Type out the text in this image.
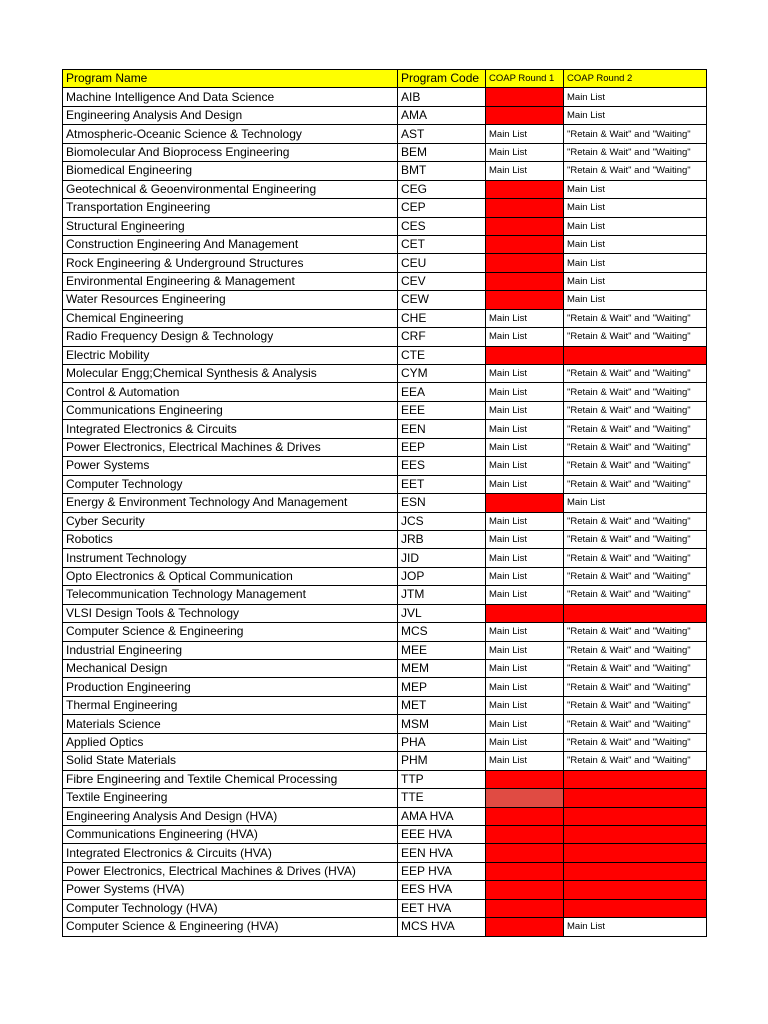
Program Name	Program Code	COAP Round 1	COAP Round 2
Machine Intelligence And Data Science	AIB		Main List
Engineering Analysis And Design	AMA		Main List
Atmospheric-Oceanic Science & Technology	AST	Main List	"Retain & Wait" and "Waiting"
Biomolecular And Bioprocess Engineering	BEM	Main List	"Retain & Wait" and "Waiting"
Biomedical Engineering	BMT	Main List	"Retain & Wait" and "Waiting"
Geotechnical & Geoenvironmental Engineering	CEG		Main List
Transportation Engineering	CEP		Main List
Structural Engineering	CES		Main List
Construction Engineering And Management	CET		Main List
Rock Engineering & Underground Structures	CEU		Main List
Environmental Engineering & Management	CEV		Main List
Water Resources Engineering	CEW		Main List
Chemical Engineering	CHE	Main List	"Retain & Wait" and "Waiting"
Radio Frequency Design & Technology	CRF	Main List	"Retain & Wait" and "Waiting"
Electric Mobility	CTE		
Molecular Engg;Chemical Synthesis & Analysis	CYM	Main List	"Retain & Wait" and "Waiting"
Control & Automation	EEA	Main List	"Retain & Wait" and "Waiting"
Communications Engineering	EEE	Main List	"Retain & Wait" and "Waiting"
Integrated Electronics & Circuits	EEN	Main List	"Retain & Wait" and "Waiting"
Power Electronics, Electrical Machines & Drives	EEP	Main List	"Retain & Wait" and "Waiting"
Power Systems	EES	Main List	"Retain & Wait" and "Waiting"
Computer Technology	EET	Main List	"Retain & Wait" and "Waiting"
Energy & Environment Technology And Management	ESN		Main List
Cyber Security	JCS	Main List	"Retain & Wait" and "Waiting"
Robotics	JRB	Main List	"Retain & Wait" and "Waiting"
Instrument Technology	JID	Main List	"Retain & Wait" and "Waiting"
Opto Electronics & Optical Communication	JOP	Main List	"Retain & Wait" and "Waiting"
Telecommunication Technology Management	JTM	Main List	"Retain & Wait" and "Waiting"
VLSI Design Tools & Technology	JVL		
Computer Science & Engineering	MCS	Main List	"Retain & Wait" and "Waiting"
Industrial Engineering	MEE	Main List	"Retain & Wait" and "Waiting"
Mechanical Design	MEM	Main List	"Retain & Wait" and "Waiting"
Production Engineering	MEP	Main List	"Retain & Wait" and "Waiting"
Thermal Engineering	MET	Main List	"Retain & Wait" and "Waiting"
Materials Science	MSM	Main List	"Retain & Wait" and "Waiting"
Applied Optics	PHA	Main List	"Retain & Wait" and "Waiting"
Solid State Materials	PHM	Main List	"Retain & Wait" and "Waiting"
Fibre Engineering and Textile Chemical Processing	TTP		
Textile Engineering	TTE		
Engineering Analysis And Design (HVA)	AMA HVA		
Communications Engineering (HVA)	EEE HVA		
Integrated Electronics & Circuits (HVA)	EEN HVA		
Power Electronics, Electrical Machines & Drives (HVA)	EEP HVA		
Power Systems (HVA)	EES HVA		
Computer Technology (HVA)	EET HVA		
Computer Science & Engineering (HVA)	MCS HVA		Main List
